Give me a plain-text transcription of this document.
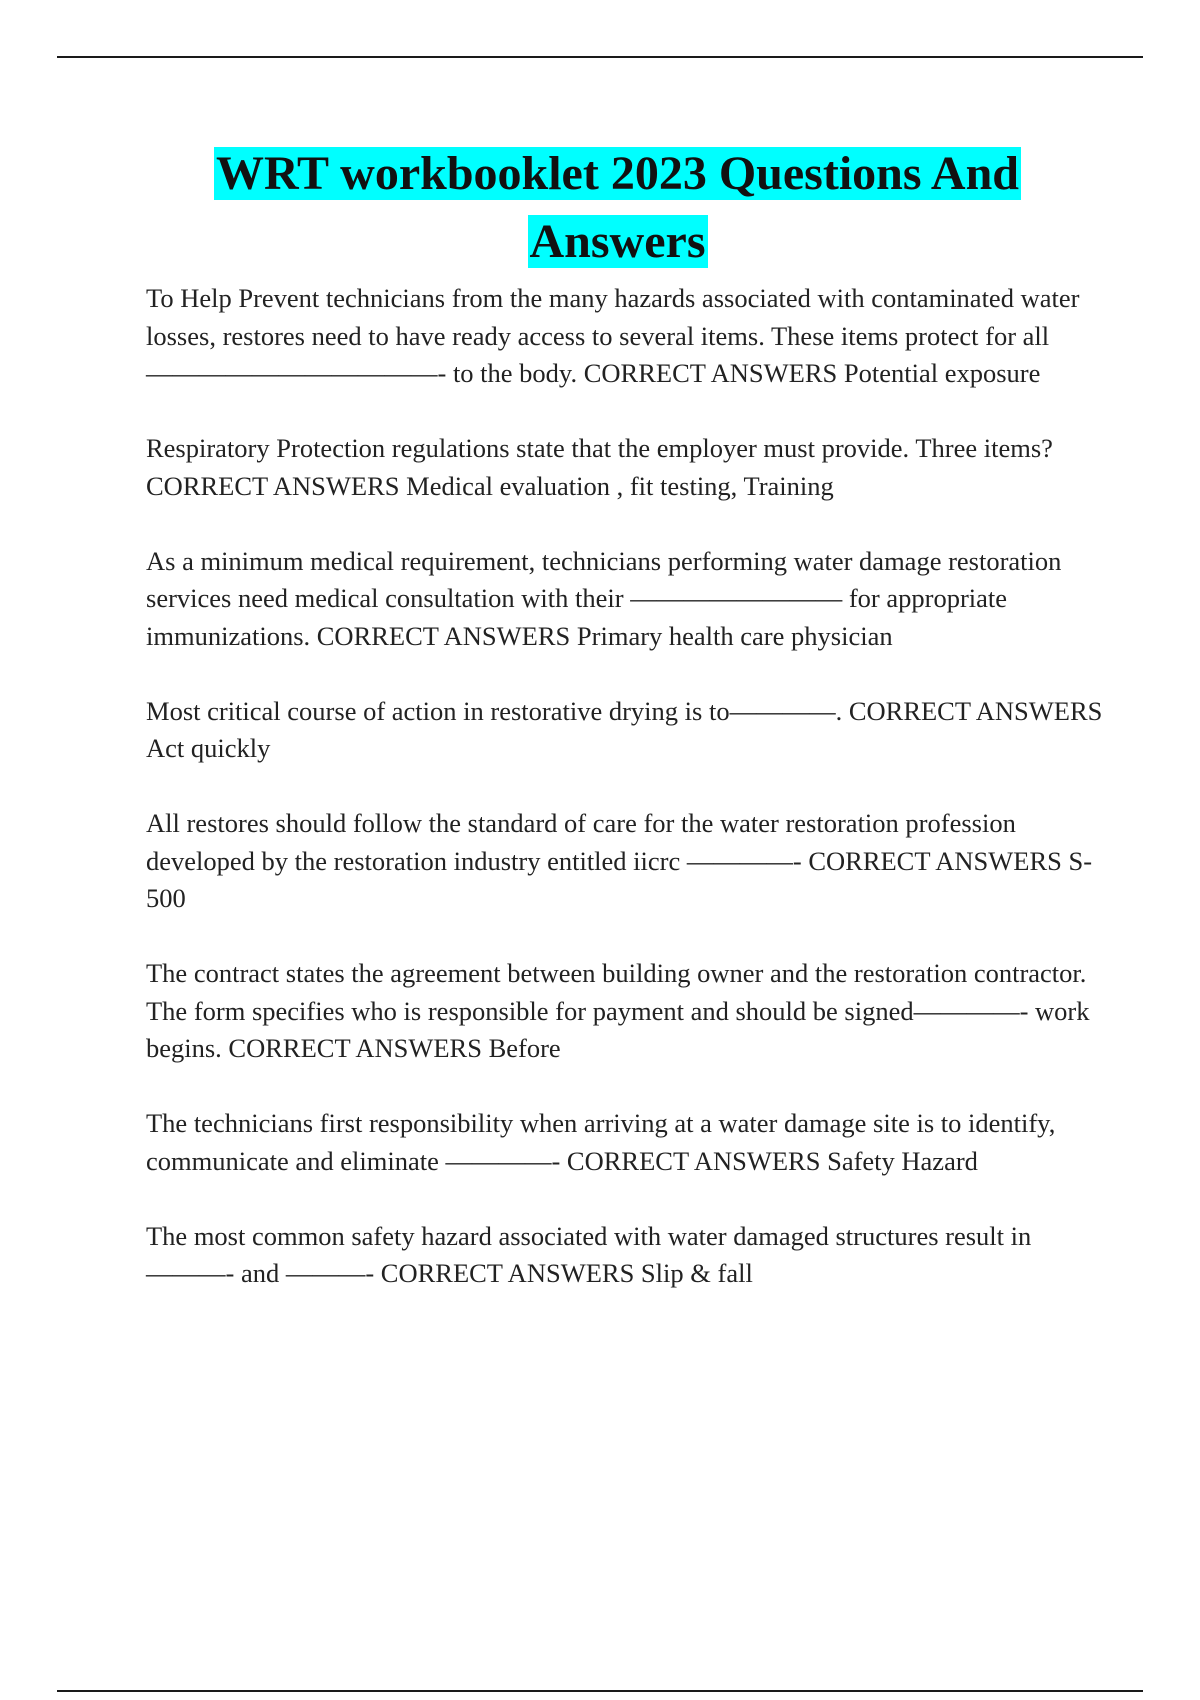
WRT workbooklet 2023 Questions And
Answers

To Help Prevent technicians from the many hazards associated with contaminated water losses, restores need to have ready access to several items. These items protect for all———————————- to the body. CORRECT ANSWERS Potential exposure

Respiratory Protection regulations state that the employer must provide. Three items? CORRECT ANSWERS Medical evaluation , fit testing, Training

As a minimum medical requirement, technicians performing water damage restoration services need medical consultation with their ———————— for appropriate immunizations. CORRECT ANSWERS Primary health care physician

Most critical course of action in restorative drying is to————. CORRECT ANSWERS Act quickly

All restores should follow the standard of care for the water restoration profession developed by the restoration industry entitled iicrc ————- CORRECT ANSWERS S-500

The contract states the agreement between building owner and the restoration contractor. The form specifies who is responsible for payment and should be signed————- work begins. CORRECT ANSWERS Before

The technicians first responsibility when arriving at a water damage site is to identify, communicate and eliminate ————- CORRECT ANSWERS Safety Hazard

The most common safety hazard associated with water damaged structures result in ———- and ———- CORRECT ANSWERS Slip & fall
